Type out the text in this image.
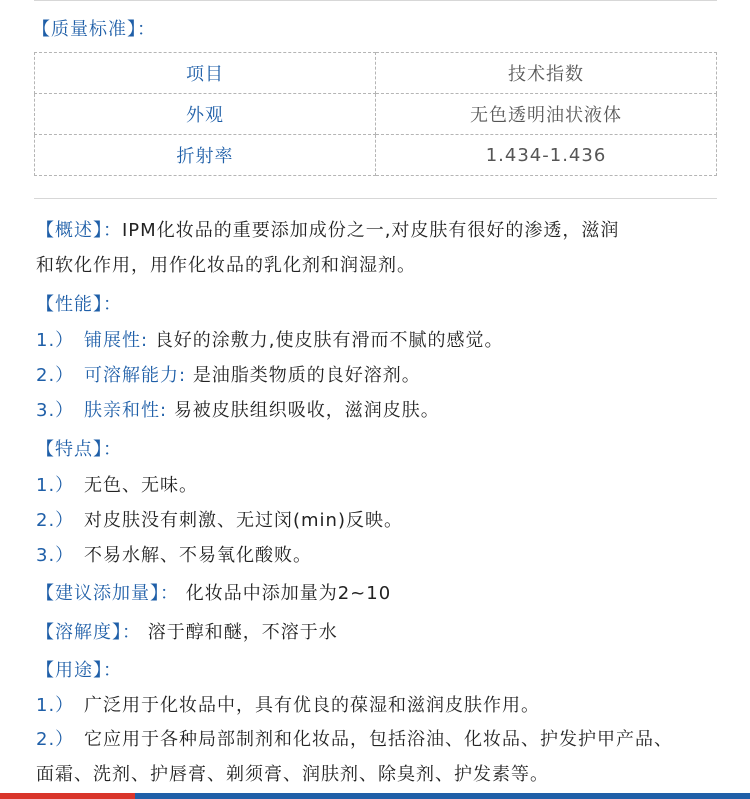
【质量标准】：
项目	技术指数
外观	无色透明油状液体
折射率	1.434-1.436
【概述】：IPM化妆品的重要添加成份之一,对皮肤有很好的渗透，滋润
和软化作用，用作化妆品的乳化剂和润湿剂。
【性能】：
1.） 铺展性: 良好的涂敷力,使皮肤有滑而不腻的感觉。
2.） 可溶解能力: 是油脂类物质的良好溶剂。
3.） 肤亲和性: 易被皮肤组织吸收，滋润皮肤。
【特点】：
1.） 无色、无味。
2.） 对皮肤没有刺激、无过闵(min)反映。
3.） 不易水解、不易氧化酸败。
【建议添加量】： 化妆品中添加量为2~10
【溶解度】： 溶于醇和醚，不溶于水
【用途】：
1.） 广泛用于化妆品中，具有优良的葆湿和滋润皮肤作用。
2.） 它应用于各种局部制剂和化妆品，包括浴油、化妆品、护发护甲产品、
面霜、洗剂、护唇膏、剃须膏、润肤剂、除臭剂、护发素等。
